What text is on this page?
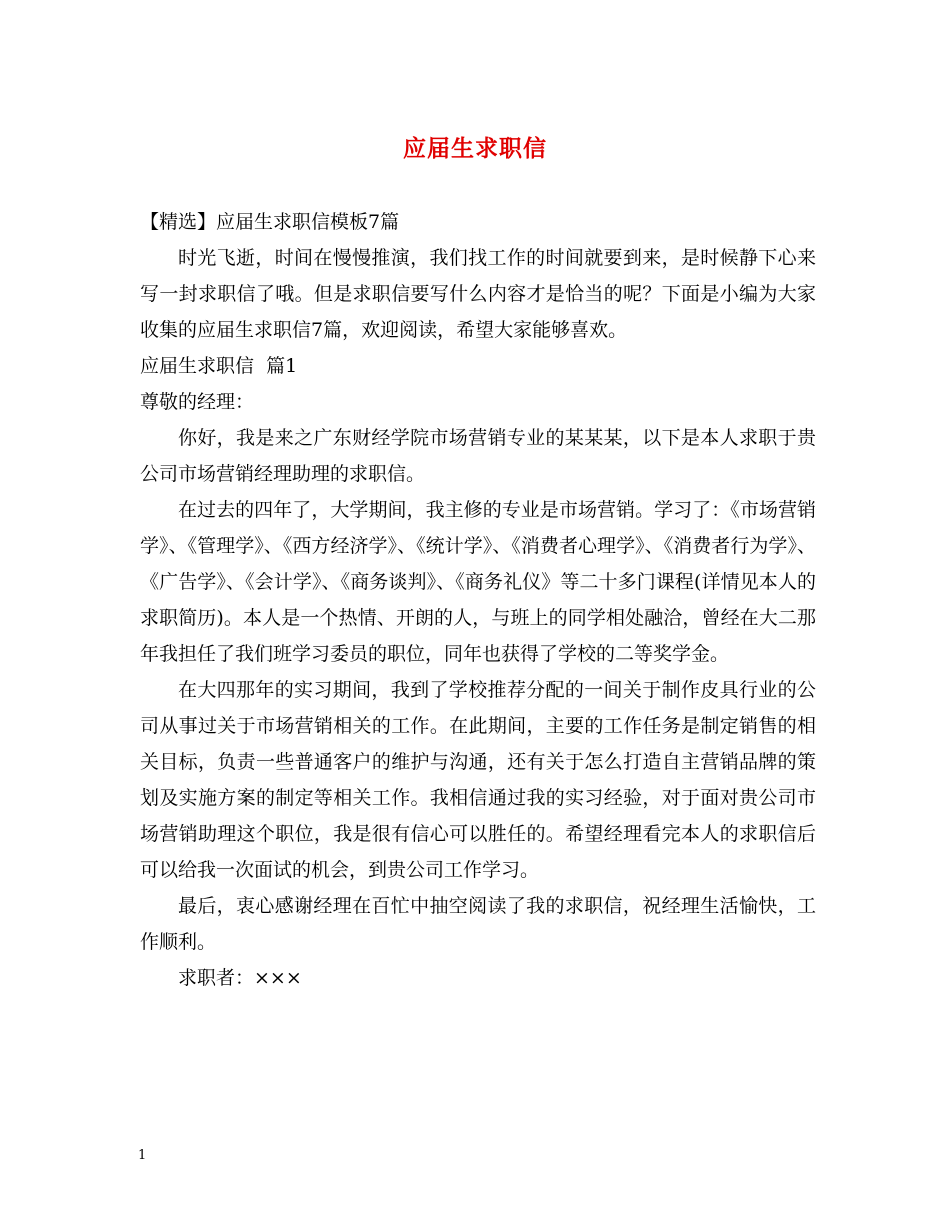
应届生求职信

【精选】应届生求职信模板7篇

时光飞逝，时间在慢慢推演，我们找工作的时间就要到来，是时候静下心来写一封求职信了哦。但是求职信要写什么内容才是恰当的呢？下面是小编为大家收集的应届生求职信7篇，欢迎阅读，希望大家能够喜欢。

应届生求职信  篇1

尊敬的经理：

你好，我是来之广东财经学院市场营销专业的某某某，以下是本人求职于贵公司市场营销经理助理的求职信。

在过去的四年了，大学期间，我主修的专业是市场营销。学习了：《市场营销学》、《管理学》、《西方经济学》、《统计学》、《消费者心理学》、《消费者行为学》、《广告学》、《会计学》、《商务谈判》、《商务礼仪》等二十多门课程(详情见本人的求职简历)。本人是一个热情、开朗的人，与班上的同学相处融洽，曾经在大二那年我担任了我们班学习委员的职位，同年也获得了学校的二等奖学金。

在大四那年的实习期间，我到了学校推荐分配的一间关于制作皮具行业的公司从事过关于市场营销相关的工作。在此期间，主要的工作任务是制定销售的相关目标，负责一些普通客户的维护与沟通，还有关于怎么打造自主营销品牌的策划及实施方案的制定等相关工作。我相信通过我的实习经验，对于面对贵公司市场营销助理这个职位，我是很有信心可以胜任的。希望经理看完本人的求职信后可以给我一次面试的机会，到贵公司工作学习。

最后，衷心感谢经理在百忙中抽空阅读了我的求职信，祝经理生活愉快，工作顺利。

求职者：×××

1
